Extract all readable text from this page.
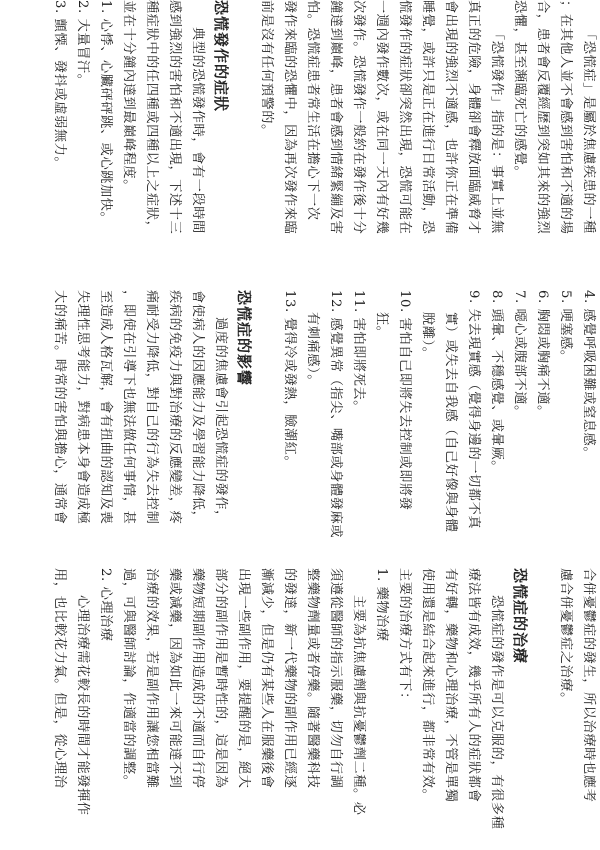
「恐慌症」是屬於焦慮疾患的一種
；在其他人並不會感到害怕和不適的場
合，患者會反覆經歷到突如其來的強烈
恐懼，甚至瀕臨死亡的感覺。
「恐慌發作」指的是：事實上並無
真正的危險，身體卻會釋放面臨威脅才
會出現的強烈不適感，也許你正在準備
睡覺，或許只是正在進行日常活動，恐
慌發作的症狀卻突然出現，恐慌可能在
一週內發作數次，或在同一天內有好幾
次發作。恐慌發作一般約在發作後十分
鐘達到巔峰，患者會感到情緒緊繃及害
怕。恐慌症患者常生活在擔心下一次
發作來臨的恐懼中，因為再次發作來臨
前是沒有任何預警的。
恐慌發作的症狀
典型的恐慌發作時，會有一段時間
感到強烈的害怕和不適出現，下述十三
種症狀中的任四種或四種以上之症狀，
並在十分鐘內達到最巔峰程度。
1. 心悸、心臟砰砰跳、或心跳加快。
2. 大量冒汗。
3. 顫慄、發抖或虛弱無力。
4. 感覺呼吸困難或窒息感。
5. 哽塞感。
6. 胸悶或胸痛不適。
7. 噁心或腹部不適。
8. 頭暈、不穩感覺、或暈厥。
9. 失去現實感（覺得身邊的一切都不真
實）或失去自我感（自己好像與身體
脫離）。
10. 害怕自己即將失去控制或即將發
狂。
11. 害怕即將死去。
12. 感覺異常（指尖、嘴部或身體發麻或
有刺痛感）。
13. 覺得冷或發熱，臉潮紅。
恐慌症的影響
過度的焦慮會引起恐慌症的發作，
會使病人的因應能力及學習能力降低，
疾病的免疫力與對治療的反應變差，疼
痛耐受力降低，對自己的行為失去控制
，即使在引導下也無法做任何事情，甚
至造成人格瓦解，會有扭曲的認知及喪
失理性思考能力，對病患本身會造成極
大的痛苦。時常的害怕與擔心，通常會
合併憂鬱症的發生，所以治療時也應考
慮合併憂鬱症之治療。
恐慌症的治療
恐慌症的發作是可以克服的，有很多種
療法皆有成效，幾乎所有人的症狀都會
有好轉，藥物和心理治療，不管是單獨
使用還是結合起來進行，都非常有效。
主要的治療方式有下：
1. 藥物治療
主要為抗焦慮劑與抗憂鬱劑二種。必
須遵從醫師的指示服藥，切勿自行調
整藥物劑量或者停藥。隨著醫藥科技
的發達，新一代藥物的副作用已經逐
漸減少，但是仍有某些人在服藥後會
出現一些副作用，要提醒的是，絕大
部分的副作用是暫時性的，這是因為
藥物短期副作用造成的不適而自行停
藥或減藥，因為如此一來可能達不到
治療的效果，若是副作用讓您相當難
過，可與醫師討論，作適當的調整。
2. 心理治療
心理治療需花較長的時間才能發揮作
用，也比較花力氣。但是，從心理治
